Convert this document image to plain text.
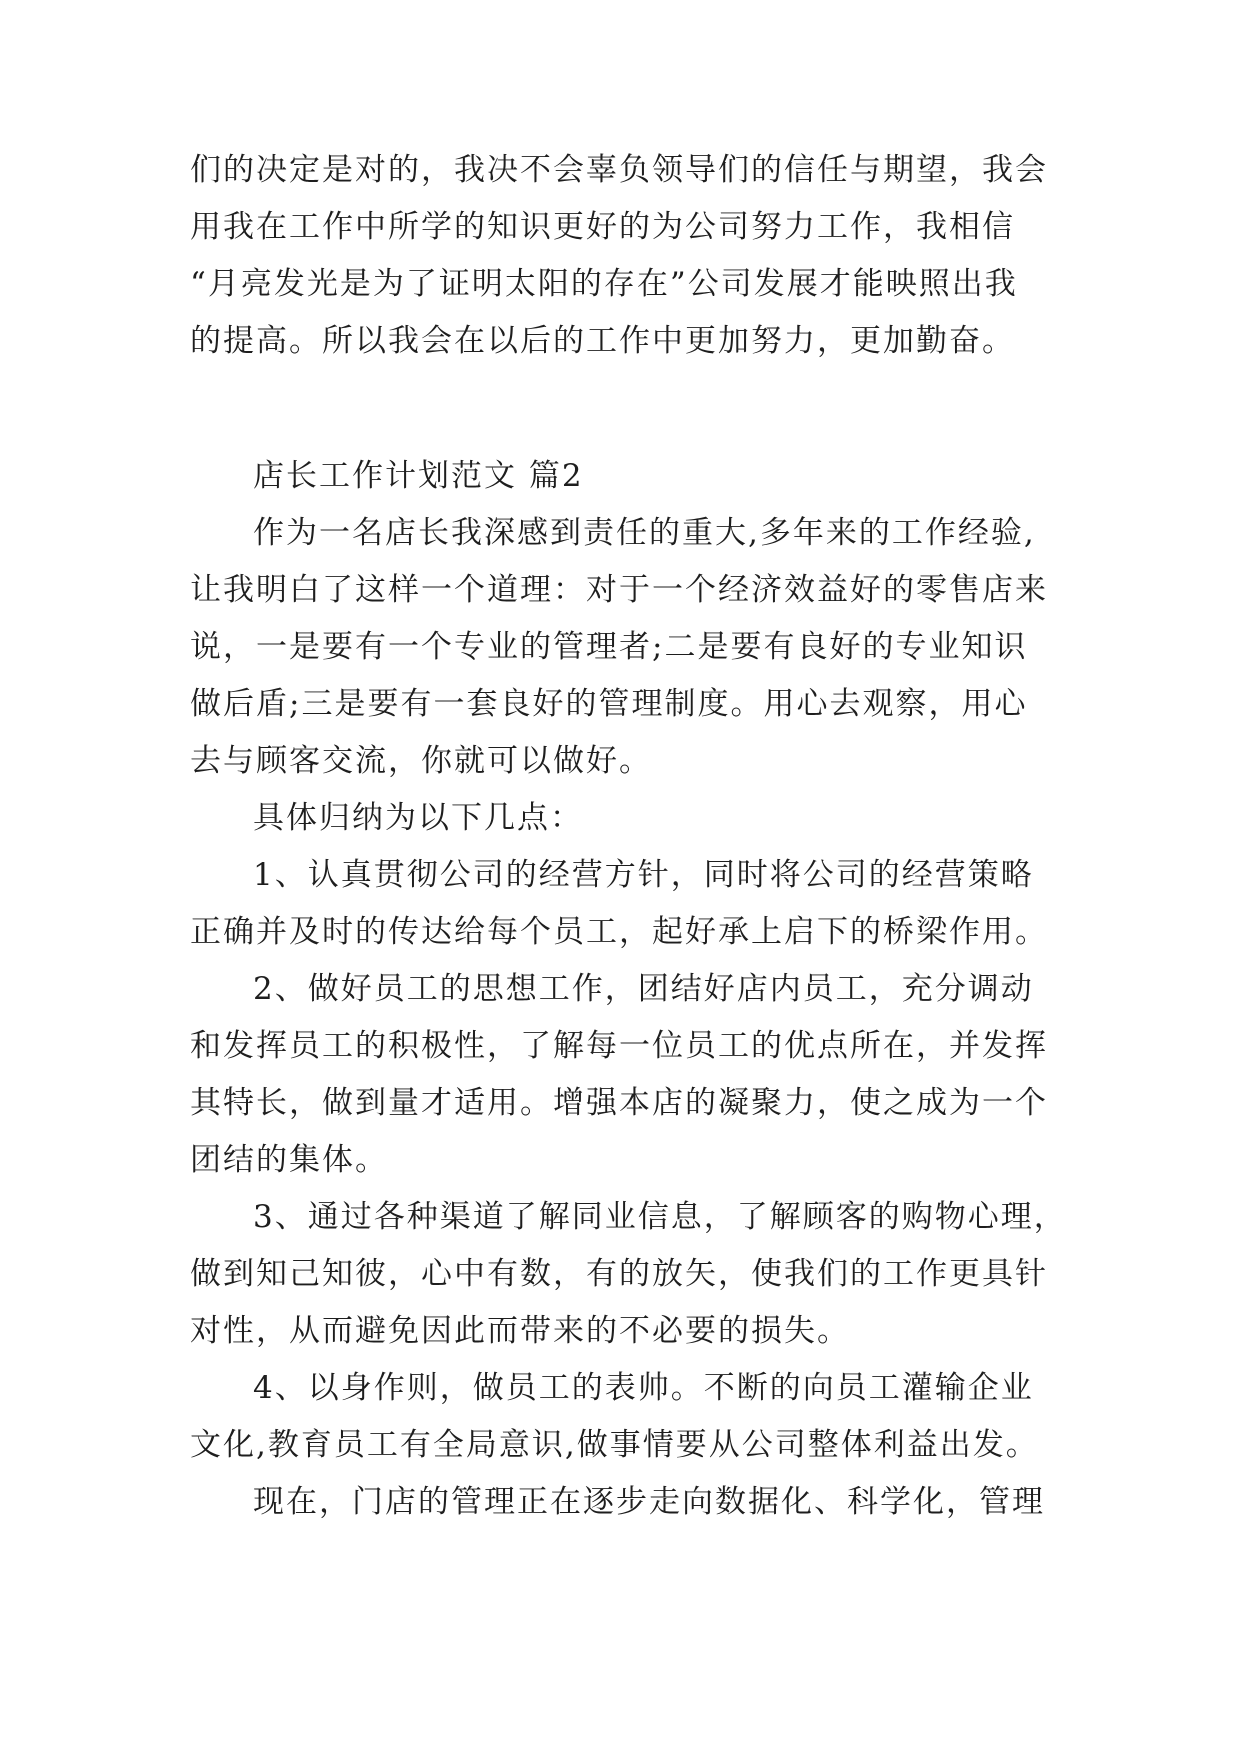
们的决定是对的，我决不会辜负领导们的信任与期望，我会
用我在工作中所学的知识更好的为公司努力工作，我相信
“月亮发光是为了证明太阳的存在”公司发展才能映照出我
的提高。所以我会在以后的工作中更加努力，更加勤奋。
店长工作计划范文 篇2
作为一名店长我深感到责任的重大,多年来的工作经验,
让我明白了这样一个道理：对于一个经济效益好的零售店来
说，一是要有一个专业的管理者;二是要有良好的专业知识
做后盾;三是要有一套良好的管理制度。用心去观察，用心
去与顾客交流，你就可以做好。
具体归纳为以下几点：
1、认真贯彻公司的经营方针，同时将公司的经营策略
正确并及时的传达给每个员工，起好承上启下的桥梁作用。
2、做好员工的思想工作，团结好店内员工，充分调动
和发挥员工的积极性，了解每一位员工的优点所在，并发挥
其特长，做到量才适用。增强本店的凝聚力，使之成为一个
团结的集体。
3、通过各种渠道了解同业信息，了解顾客的购物心理，
做到知己知彼，心中有数，有的放矢，使我们的工作更具针
对性，从而避免因此而带来的不必要的损失。
4、以身作则，做员工的表帅。不断的向员工灌输企业
文化,教育员工有全局意识,做事情要从公司整体利益出发。
现在，门店的管理正在逐步走向数据化、科学化，管理
